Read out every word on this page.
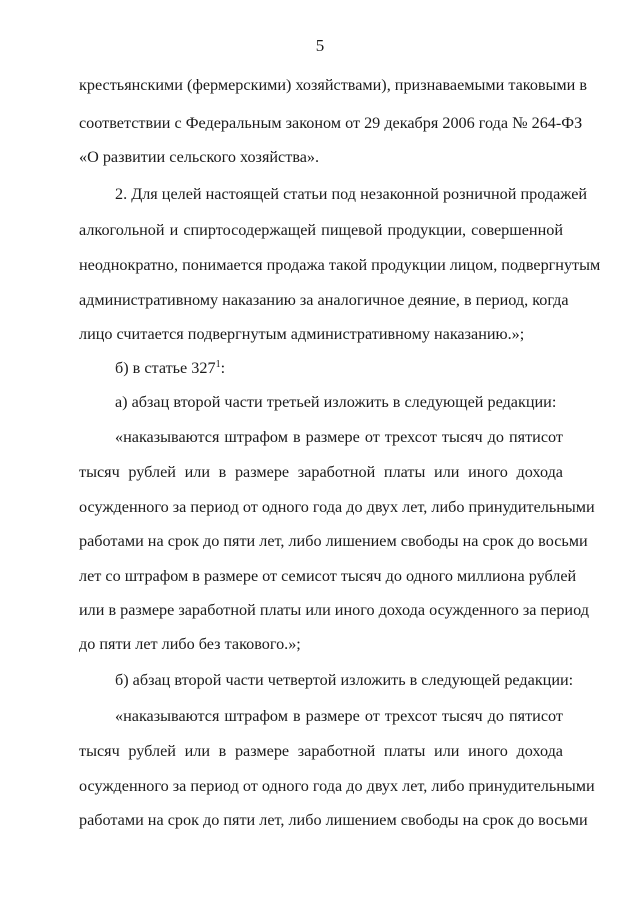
5
крестьянскими (фермерскими) хозяйствами), признаваемыми таковыми в
соответствии с Федеральным законом от 29 декабря 2006 года № 264-ФЗ
«О развитии сельского хозяйства».
2. Для целей настоящей статьи под незаконной розничной продажей
алкогольной и спиртосодержащей пищевой продукции, совершенной
неоднократно, понимается продажа такой продукции лицом, подвергнутым
административному наказанию за аналогичное деяние, в период, когда
лицо считается подвергнутым административному наказанию.»;
б) в статье $327^1$:
а) абзац второй части третьей изложить в следующей редакции:
«наказываются штрафом в размере от трехсот тысяч до пятисот
тысяч рублей или в размере заработной платы или иного дохода
осужденного за период от одного года до двух лет, либо принудительными
работами на срок до пяти лет, либо лишением свободы на срок до восьми
лет со штрафом в размере от семисот тысяч до одного миллиона рублей
или в размере заработной платы или иного дохода осужденного за период
до пяти лет либо без такового.»;
б) абзац второй части четвертой изложить в следующей редакции:
«наказываются штрафом в размере от трехсот тысяч до пятисот
тысяч рублей или в размере заработной платы или иного дохода
осужденного за период от одного года до двух лет, либо принудительными
работами на срок до пяти лет, либо лишением свободы на срок до восьми
